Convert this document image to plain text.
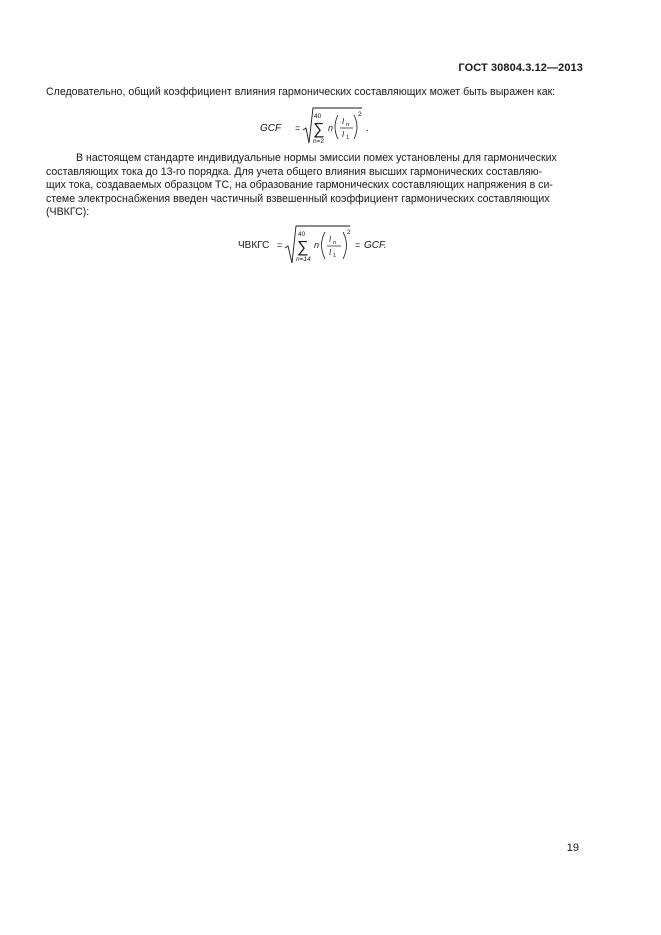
ГОСТ 30804.3.12—2013
Следовательно, общий коэффициент влияния гармонических составляющих может быть выражен как:
GCF =
40
∑
n=2
n
I n
I 1
2
.
В настоящем стандарте индивидуальные нормы эмиссии помех установлены для гармонических
составляющих тока до 13-го порядка. Для учета общего влияния высших гармонических составляю-
щих тока, создаваемых образцом ТС, на образование гармонических составляющих напряжения в си-
стеме электроснабжения введен частичный взвешенный коэффициент гармонических составляющих
(ЧВКГС):
ЧВКГС =
40
∑
n=14
n
I n
I 1
2
= GCF.
19
